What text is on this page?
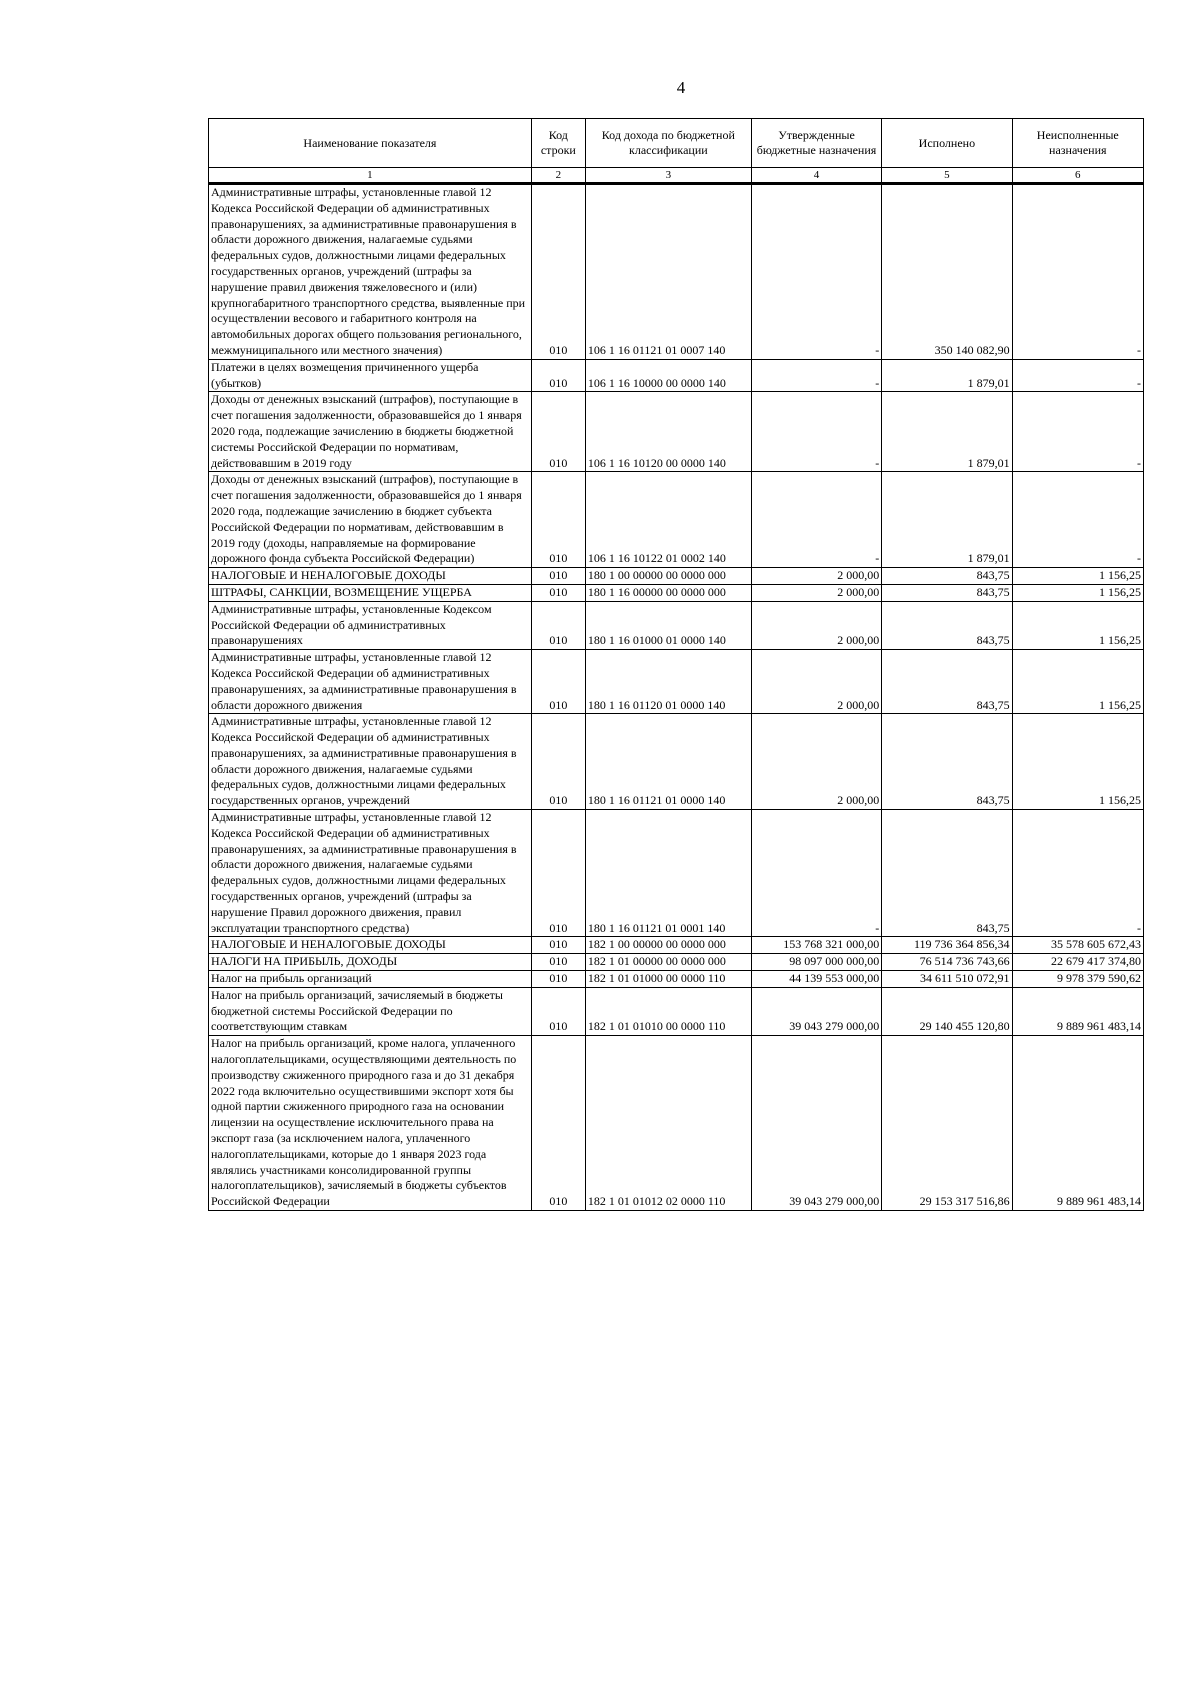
4
Наименование показателя	Код строки	Код дохода по бюджетной классификации	Утвержденные бюджетные назначения	Исполнено	Неисполненные назначения
1	2	3	4	5	6
Административные штрафы, установленные главой 12 Кодекса Российской Федерации об административных правонарушениях, за административные правонарушения в области дорожного движения, налагаемые судьями федеральных судов, должностными лицами федеральных государственных органов, учреждений (штрафы за нарушение правил движения тяжеловесного и (или) крупногабаритного транспортного средства, выявленные при осуществлении весового и габаритного контроля на автомобильных дорогах общего пользования регионального, межмуниципального или местного значения)	010	106 1 16 01121 01 0007 140	-	350 140 082,90	-
Платежи в целях возмещения причиненного ущерба (убытков)	010	106 1 16 10000 00 0000 140	-	1 879,01	-
Доходы от денежных взысканий (штрафов), поступающие в счет погашения задолженности, образовавшейся до 1 января 2020 года, подлежащие зачислению в бюджеты бюджетной системы Российской Федерации по нормативам, действовавшим в 2019 году	010	106 1 16 10120 00 0000 140	-	1 879,01	-
Доходы от денежных взысканий (штрафов), поступающие в счет погашения задолженности, образовавшейся до 1 января 2020 года, подлежащие зачислению в бюджет субъекта Российской Федерации по нормативам, действовавшим в 2019 году (доходы, направляемые на формирование дорожного фонда субъекта Российской Федерации)	010	106 1 16 10122 01 0002 140	-	1 879,01	-
НАЛОГОВЫЕ И НЕНАЛОГОВЫЕ ДОХОДЫ	010	180 1 00 00000 00 0000 000	2 000,00	843,75	1 156,25
ШТРАФЫ, САНКЦИИ, ВОЗМЕЩЕНИЕ УЩЕРБА	010	180 1 16 00000 00 0000 000	2 000,00	843,75	1 156,25
Административные штрафы, установленные Кодексом Российской Федерации об административных правонарушениях	010	180 1 16 01000 01 0000 140	2 000,00	843,75	1 156,25
Административные штрафы, установленные главой 12 Кодекса Российской Федерации об административных правонарушениях, за административные правонарушения в области дорожного движения	010	180 1 16 01120 01 0000 140	2 000,00	843,75	1 156,25
Административные штрафы, установленные главой 12 Кодекса Российской Федерации об административных правонарушениях, за административные правонарушения в области дорожного движения, налагаемые судьями федеральных судов, должностными лицами федеральных государственных органов, учреждений	010	180 1 16 01121 01 0000 140	2 000,00	843,75	1 156,25
Административные штрафы, установленные главой 12 Кодекса Российской Федерации об административных правонарушениях, за административные правонарушения в области дорожного движения, налагаемые судьями федеральных судов, должностными лицами федеральных государственных органов, учреждений (штрафы за нарушение Правил дорожного движения, правил эксплуатации транспортного средства)	010	180 1 16 01121 01 0001 140	-	843,75	-
НАЛОГОВЫЕ И НЕНАЛОГОВЫЕ ДОХОДЫ	010	182 1 00 00000 00 0000 000	153 768 321 000,00	119 736 364 856,34	35 578 605 672,43
НАЛОГИ НА ПРИБЫЛЬ, ДОХОДЫ	010	182 1 01 00000 00 0000 000	98 097 000 000,00	76 514 736 743,66	22 679 417 374,80
Налог на прибыль организаций	010	182 1 01 01000 00 0000 110	44 139 553 000,00	34 611 510 072,91	9 978 379 590,62
Налог на прибыль организаций, зачисляемый в бюджеты бюджетной системы Российской Федерации по соответствующим ставкам	010	182 1 01 01010 00 0000 110	39 043 279 000,00	29 140 455 120,80	9 889 961 483,14
Налог на прибыль организаций, кроме налога, уплаченного налогоплательщиками, осуществляющими деятельность по производству сжиженного природного газа и до 31 декабря 2022 года включительно осуществившими экспорт хотя бы одной партии сжиженного природного газа на основании лицензии на осуществление исключительного права на экспорт газа (за исключением налога, уплаченного налогоплательщиками, которые до 1 января 2023 года являлись участниками консолидированной группы налогоплательщиков), зачисляемый в бюджеты субъектов Российской Федерации	010	182 1 01 01012 02 0000 110	39 043 279 000,00	29 153 317 516,86	9 889 961 483,14
